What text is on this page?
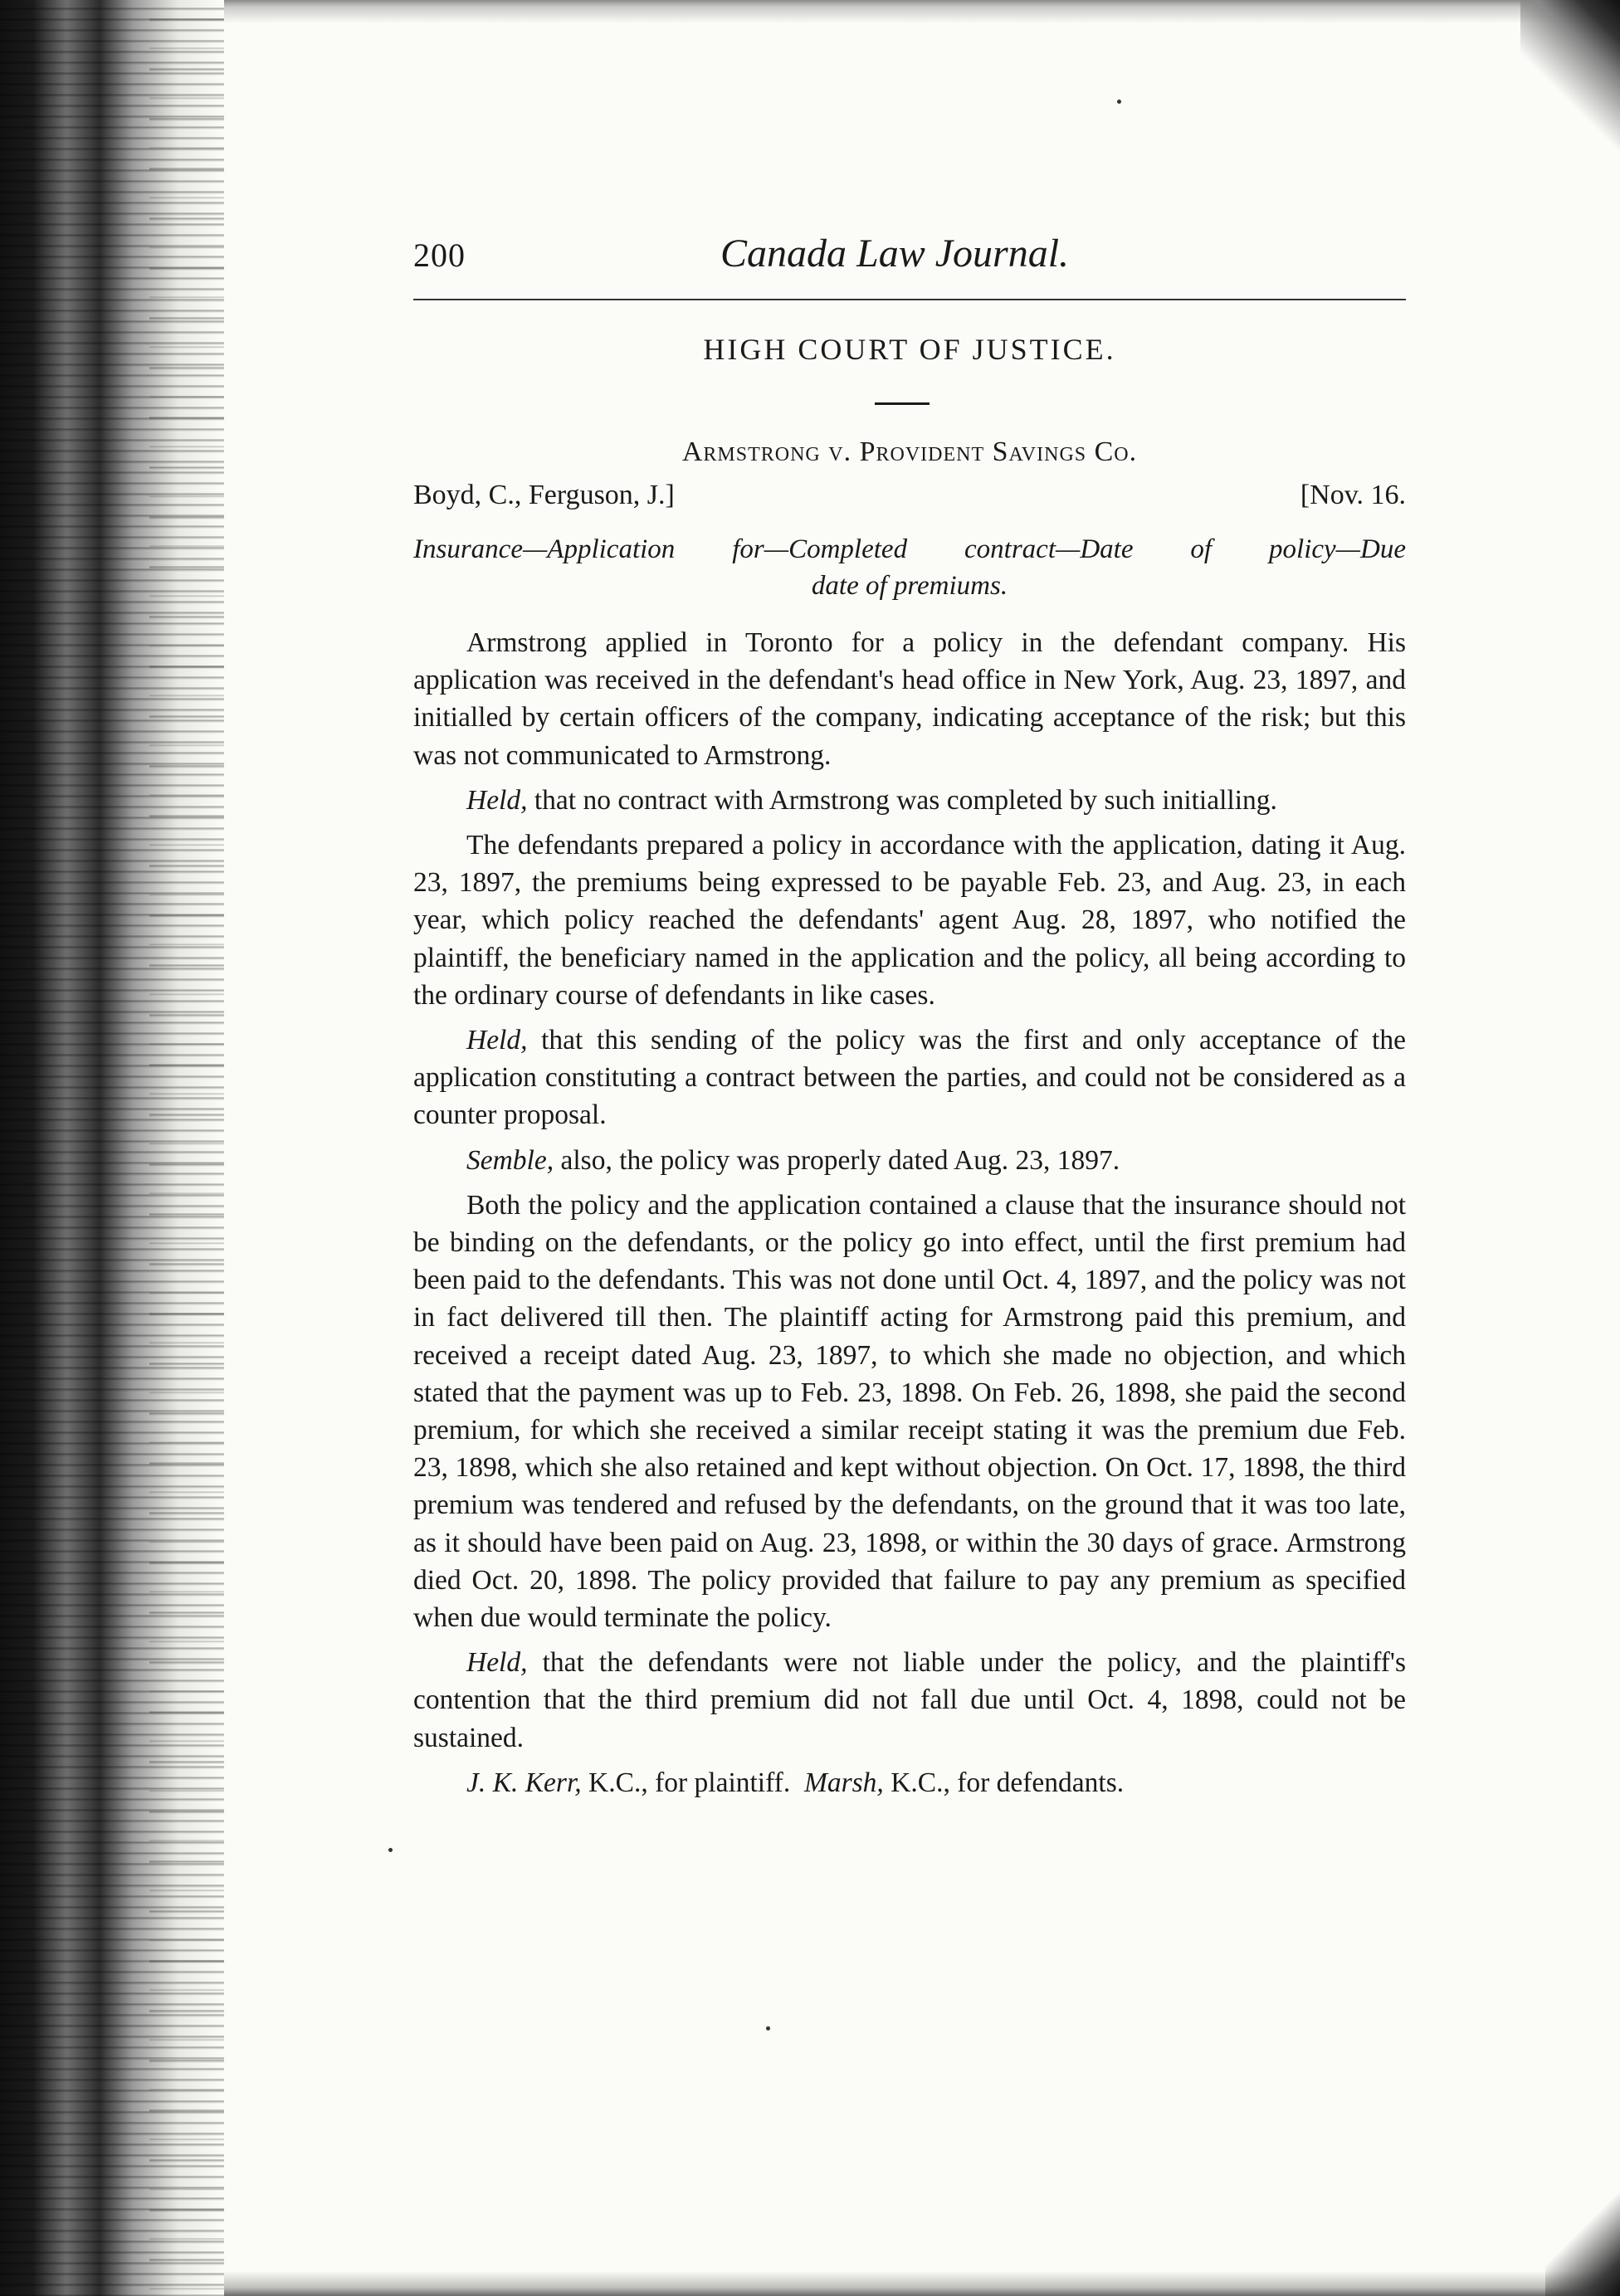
200	Canada Law Journal.
HIGH COURT OF JUSTICE.
Armstrong v. Provident Savings Co.
Boyd, C., Ferguson, J.]	[Nov. 16.
Insurance—Application for—Completed contract—Date of policy—Due
date of premiums.

Armstrong applied in Toronto for a policy in the defendant company. His application was received in the defendant's head office in New York, Aug. 23, 1897, and initialled by certain officers of the company, indicating acceptance of the risk; but this was not communicated to Armstrong.

Held, that no contract with Armstrong was completed by such initialling.

The defendants prepared a policy in accordance with the application, dating it Aug. 23, 1897, the premiums being expressed to be payable Feb. 23, and Aug. 23, in each year, which policy reached the defendants' agent Aug. 28, 1897, who notified the plaintiff, the beneficiary named in the application and the policy, all being according to the ordinary course of defendants in like cases.

Held, that this sending of the policy was the first and only acceptance of the application constituting a contract between the parties, and could not be considered as a counter proposal.

Semble, also, the policy was properly dated Aug. 23, 1897.

Both the policy and the application contained a clause that the insurance should not be binding on the defendants, or the policy go into effect, until the first premium had been paid to the defendants. This was not done until Oct. 4, 1897, and the policy was not in fact delivered till then. The plaintiff acting for Armstrong paid this premium, and received a receipt dated Aug. 23, 1897, to which she made no objection, and which stated that the payment was up to Feb. 23, 1898. On Feb. 26, 1898, she paid the second premium, for which she received a similar receipt stating it was the premium due Feb. 23, 1898, which she also retained and kept without objection. On Oct. 17, 1898, the third premium was tendered and refused by the defendants, on the ground that it was too late, as it should have been paid on Aug. 23, 1898, or within the 30 days of grace. Armstrong died Oct. 20, 1898. The policy provided that failure to pay any premium as specified when due would terminate the policy.

Held, that the defendants were not liable under the policy, and the plaintiff's contention that the third premium did not fall due until Oct. 4, 1898, could not be sustained.

J. K. Kerr, K.C., for plaintiff. Marsh, K.C., for defendants.
